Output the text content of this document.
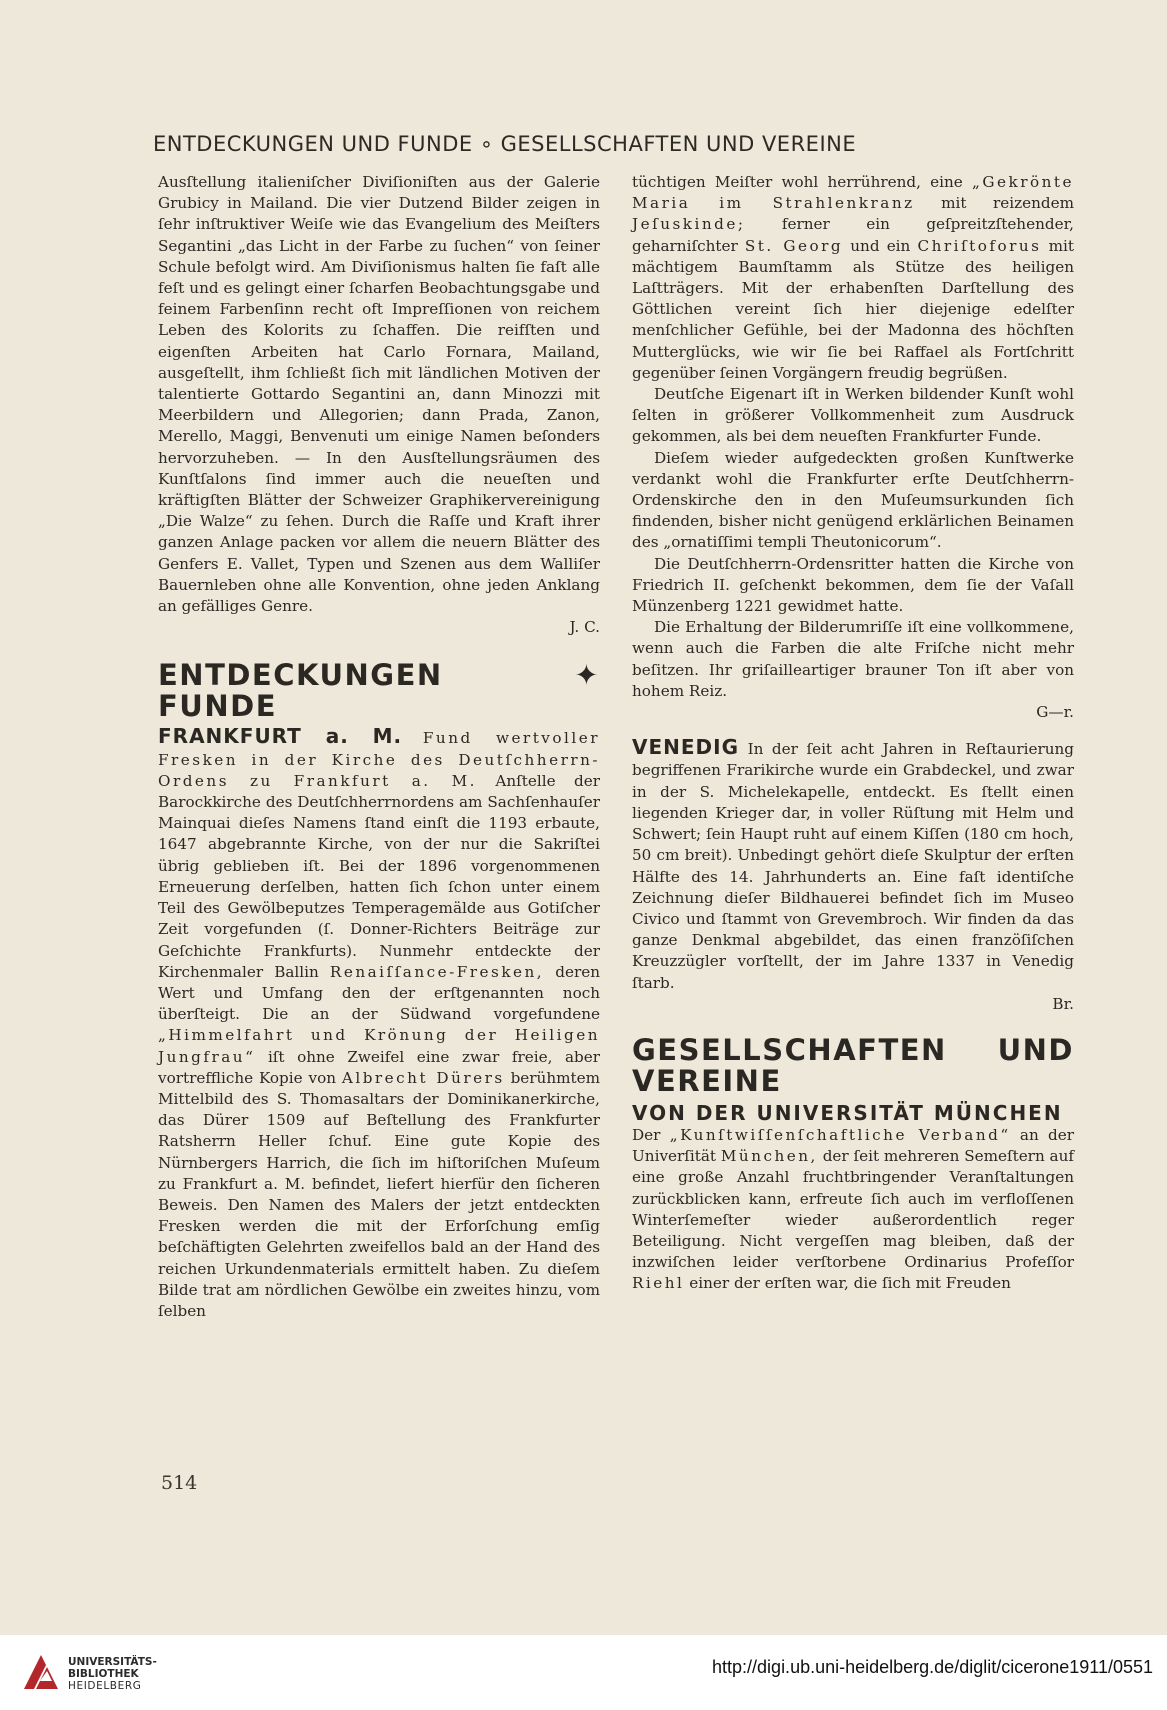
ENTDECKUNGEN UND FUNDE ∘ GESELLSCHAFTEN UND VEREINE

Ausſtellung italieniſcher Diviſioniſten aus der Galerie Grubicy in Mailand. Die vier Dutzend Bilder zeigen in ſehr inſtruktiver Weiſe wie das Evangelium des Meiſters Segantini „das Licht in der Farbe zu ſuchen“ von ſeiner Schule befolgt wird. Am Diviſionismus halten ſie faſt alle feſt und es gelingt einer ſcharfen Beobachtungsgabe und feinem Farbenſinn recht oft Impreſſionen von reichem Leben des Kolorits zu ſchaffen. Die reifſten und eigenſten Arbeiten hat Carlo Fornara, Mailand, ausgeſtellt, ihm ſchließt ſich mit ländlichen Motiven der talentierte Gottardo Segantini an, dann Minozzi mit Meerbildern und Allegorien; dann Prada, Zanon, Merello, Maggi, Benvenuti um einige Namen beſonders hervorzuheben. — In den Ausſtellungsräumen des Kunſtſalons ſind immer auch die neueſten und kräftigſten Blätter der Schweizer Graphikervereinigung „Die Walze“ zu ſehen. Durch die Raſſe und Kraft ihrer ganzen Anlage packen vor allem die neuern Blätter des Genfers E. Vallet, Typen und Szenen aus dem Walliſer Bauernleben ohne alle Konvention, ohne jeden Anklang an gefälliges Genre.
J. C.

ENTDECKUNGEN ✦ FUNDE

FRANKFURT a. M. Fund wertvoller Fresken in der Kirche des Deutſchherrn-Ordens zu Frankfurt a. M. Anſtelle der Barockkirche des Deutſchherrnordens am Sachſenhauſer Mainquai dieſes Namens ſtand einſt die 1193 erbaute, 1647 abgebrannte Kirche, von der nur die Sakriſtei übrig geblieben iſt. Bei der 1896 vorgenommenen Erneuerung derſelben, hatten ſich ſchon unter einem Teil des Gewölbeputzes Temperagemälde aus Gotiſcher Zeit vorgefunden (ſ. Donner-Richters Beiträge zur Geſchichte Frankfurts). Nunmehr entdeckte der Kirchenmaler Ballin Renaiſſance-Fresken, deren Wert und Umfang den der erſtgenannten noch überſteigt. Die an der Südwand vorgefundene „Himmelfahrt und Krönung der Heiligen Jungfrau“ iſt ohne Zweifel eine zwar freie, aber vortreffliche Kopie von Albrecht Dürers berühmtem Mittelbild des S. Thomasaltars der Dominikanerkirche, das Dürer 1509 auf Beſtellung des Frankfurter Ratsherrn Heller ſchuf. Eine gute Kopie des Nürnbergers Harrich, die ſich im hiſtoriſchen Muſeum zu Frankfurt a. M. befindet, liefert hierfür den ſicheren Beweis. Den Namen des Malers der jetzt entdeckten Fresken werden die mit der Erforſchung emſig beſchäftigten Gelehrten zweifellos bald an der Hand des reichen Urkundenmaterials ermittelt haben. Zu dieſem Bilde trat am nördlichen Gewölbe ein zweites hinzu, vom ſelben

tüchtigen Meiſter wohl herrührend, eine „Gekrönte Maria im Strahlenkranz mit reizendem Jeſuskinde; ferner ein geſpreitzſtehender, geharniſchter St. Georg und ein Chriſtoforus mit mächtigem Baumſtamm als Stütze des heiligen Laſtträgers. Mit der erhabenſten Darſtellung des Göttlichen vereint ſich hier diejenige edelſter menſchlicher Gefühle, bei der Madonna des höchſten Mutterglücks, wie wir ſie bei Raffael als Fortſchritt gegenüber ſeinen Vorgängern freudig begrüßen.

Deutſche Eigenart iſt in Werken bildender Kunſt wohl ſelten in größerer Vollkommenheit zum Ausdruck gekommen, als bei dem neueſten Frankfurter Funde.

Dieſem wieder aufgedeckten großen Kunſtwerke verdankt wohl die Frankfurter erſte Deutſchherrn-Ordenskirche den in den Muſeumsurkunden ſich findenden, bisher nicht genügend erklärlichen Beinamen des „ornatiſſimi templi Theutonicorum“.

Die Deutſchherrn-Ordensritter hatten die Kirche von Friedrich II. geſchenkt bekommen, dem ſie der Vaſall Münzenberg 1221 gewidmet hatte.

Die Erhaltung der Bilderumriſſe iſt eine vollkommene, wenn auch die Farben die alte Friſche nicht mehr beſitzen. Ihr griſailleartiger brauner Ton iſt aber von hohem Reiz.
G—r.

VENEDIG In der ſeit acht Jahren in Reſtaurierung begriffenen Frarikirche wurde ein Grabdeckel, und zwar in der S. Michelekapelle, entdeckt. Es ſtellt einen liegenden Krieger dar, in voller Rüſtung mit Helm und Schwert; ſein Haupt ruht auf einem Kiſſen (180 cm hoch, 50 cm breit). Unbedingt gehört dieſe Skulptur der erſten Hälfte des 14. Jahrhunderts an. Eine faſt identiſche Zeichnung dieſer Bildhauerei befindet ſich im Museo Civico und ſtammt von Grevembroch. Wir finden da das ganze Denkmal abgebildet, das einen franzöſiſchen Kreuzzügler vorſtellt, der im Jahre 1337 in Venedig ſtarb.
Br.

GESELLSCHAFTEN UND VEREINE
VON DER UNIVERSITÄT MÜNCHEN

Der „Kunſtwiſſenſchaftliche Verband“ an der Univerſität München, der ſeit mehreren Semeſtern auf eine große Anzahl fruchtbringender Veranſtaltungen zurückblicken kann, erfreute ſich auch im verfloſſenen Winterſemeſter wieder außerordentlich reger Beteiligung. Nicht vergeſſen mag bleiben, daß der inzwiſchen leider verſtorbene Ordinarius Profeſſor Riehl einer der erſten war, die ſich mit Freuden

514
UNIVERSITÄTS-
BIBLIOTHEK
HEIDELBERG
http://digi.ub.uni-heidelberg.de/diglit/cicerone1911/0551
